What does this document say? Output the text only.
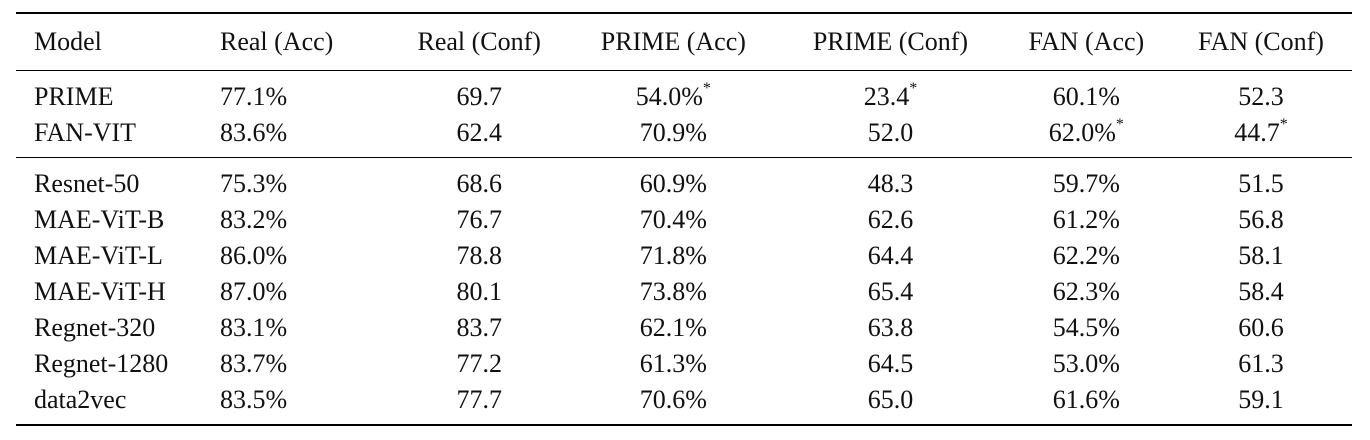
Model	Real (Acc)	Real (Conf)	PRIME (Acc)	PRIME (Conf)	FAN (Acc)	FAN (Conf)
PRIME	77.1%	69.7	54.0%*	23.4*	60.1%	52.3
FAN-VIT	83.6%	62.4	70.9%	52.0	62.0%*	44.7*
Resnet-50	75.3%	68.6	60.9%	48.3	59.7%	51.5
MAE-ViT-B	83.2%	76.7	70.4%	62.6	61.2%	56.8
MAE-ViT-L	86.0%	78.8	71.8%	64.4	62.2%	58.1
MAE-ViT-H	87.0%	80.1	73.8%	65.4	62.3%	58.4
Regnet-320	83.1%	83.7	62.1%	63.8	54.5%	60.6
Regnet-1280	83.7%	77.2	61.3%	64.5	53.0%	61.3
data2vec	83.5%	77.7	70.6%	65.0	61.6%	59.1
